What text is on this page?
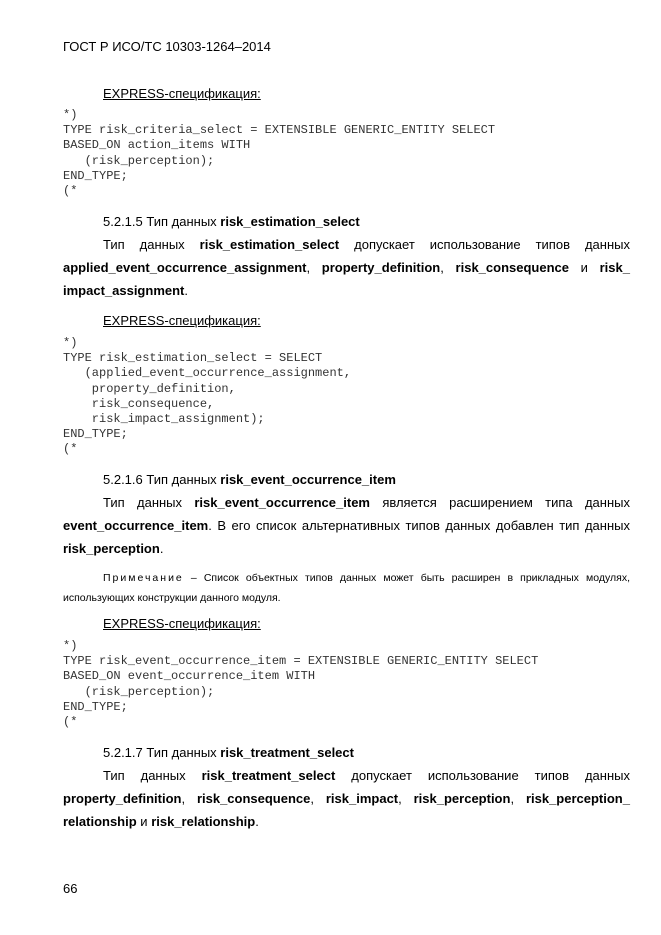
ГОСТ Р ИСО/ТС 10303-1264–2014
EXPRESS-спецификация:
*)
TYPE risk_criteria_select = EXTENSIBLE GENERIC_ENTITY SELECT
BASED_ON action_items WITH
(risk_perception);
END_TYPE;
(*
5.2.1.5 Тип данных risk_estimation_select
Тип данных risk_estimation_select допускает использование типов данных applied_event_occurrence_assignment, property_definition, risk_consequence и risk_ impact_assignment.
EXPRESS-спецификация:
*)
TYPE risk_estimation_select = SELECT
(applied_event_occurrence_assignment,
property_definition,
risk_consequence,
risk_impact_assignment);
END_TYPE;
(*
5.2.1.6 Тип данных risk_event_occurrence_item
Тип данных risk_event_occurrence_item является расширением типа данных event_occurrence_item. В его список альтернативных типов данных добавлен тип данных risk_perception.
Примечание – Список объектных типов данных может быть расширен в прикладных модулях, использующих конструкции данного модуля.
EXPRESS-спецификация:
*)
TYPE risk_event_occurrence_item = EXTENSIBLE GENERIC_ENTITY SELECT
BASED_ON event_occurrence_item WITH
(risk_perception);
END_TYPE;
(*
5.2.1.7 Тип данных risk_treatment_select
Тип данных risk_treatment_select допускает использование типов данных property_definition, risk_consequence, risk_impact, risk_perception, risk_perception_ relationship и risk_relationship.
66
